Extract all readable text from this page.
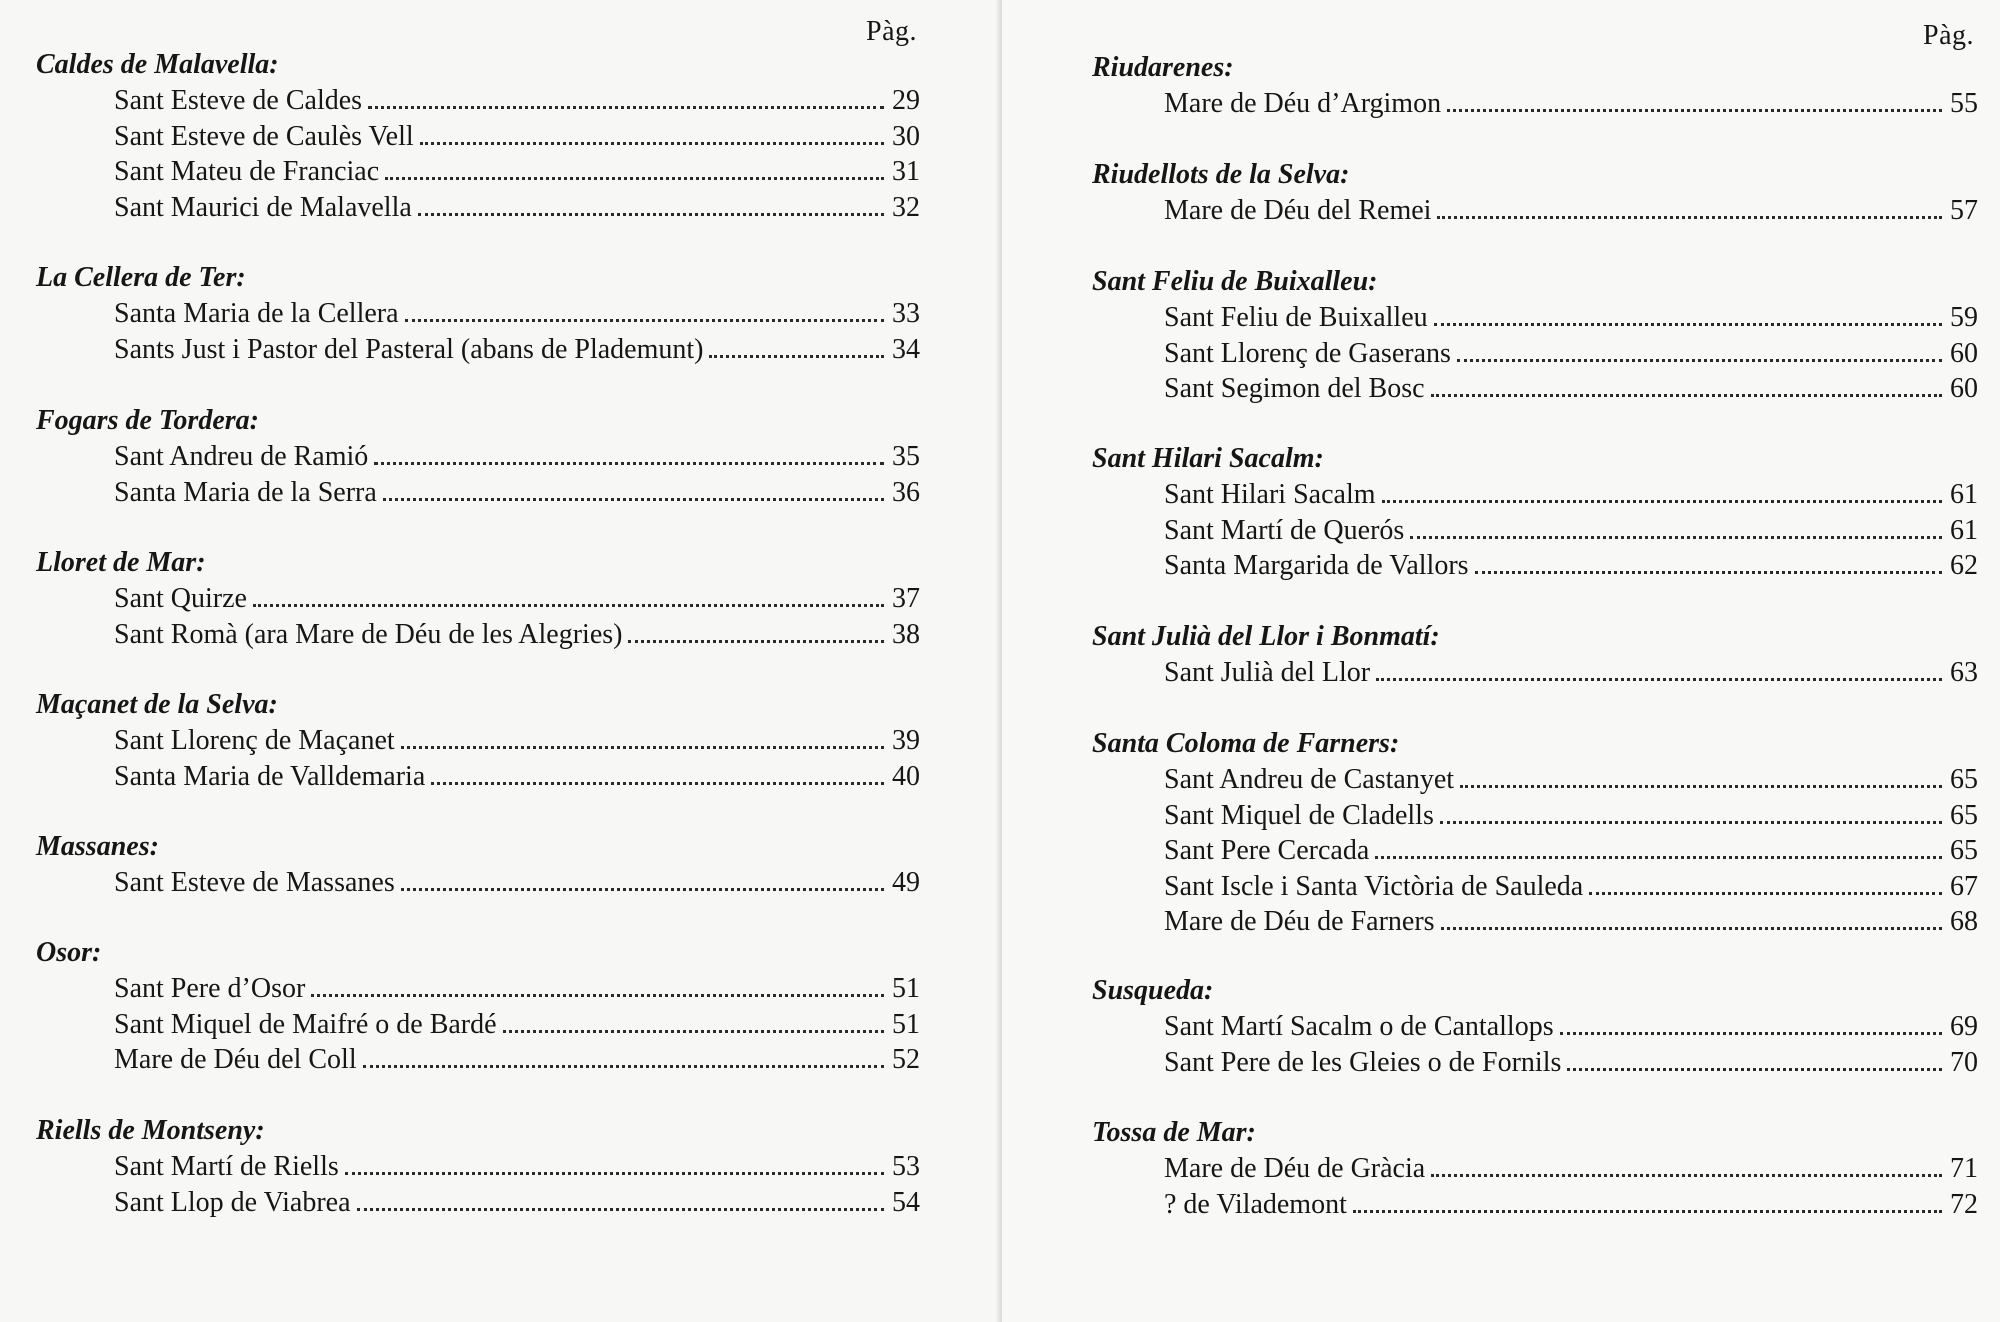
Pàg.
Caldes de Malavella:
Sant Esteve de Caldes	29
Sant Esteve de Caulès Vell	30
Sant Mateu de Franciac	31
Sant Maurici de Malavella	32
La Cellera de Ter:
Santa Maria de la Cellera	33
Sants Just i Pastor del Pasteral (abans de Plademunt)	34
Fogars de Tordera:
Sant Andreu de Ramió	35
Santa Maria de la Serra	36
Lloret de Mar:
Sant Quirze	37
Sant Romà (ara Mare de Déu de les Alegries)	38
Maçanet de la Selva:
Sant Llorenç de Maçanet	39
Santa Maria de Valldemaria	40
Massanes:
Sant Esteve de Massanes	49
Osor:
Sant Pere d’Osor	51
Sant Miquel de Maifré o de Bardé	51
Mare de Déu del Coll	52
Riells de Montseny:
Sant Martí de Riells	53
Sant Llop de Viabrea	54
Pàg.
Riudarenes:
Mare de Déu d’Argimon	55
Riudellots de la Selva:
Mare de Déu del Remei	57
Sant Feliu de Buixalleu:
Sant Feliu de Buixalleu	59
Sant Llorenç de Gaserans	60
Sant Segimon del Bosc	60
Sant Hilari Sacalm:
Sant Hilari Sacalm	61
Sant Martí de Querós	61
Santa Margarida de Vallors	62
Sant Julià del Llor i Bonmatí:
Sant Julià del Llor	63
Santa Coloma de Farners:
Sant Andreu de Castanyet	65
Sant Miquel de Cladells	65
Sant Pere Cercada	65
Sant Iscle i Santa Victòria de Sauleda	67
Mare de Déu de Farners	68
Susqueda:
Sant Martí Sacalm o de Cantallops	69
Sant Pere de les Gleies o de Fornils	70
Tossa de Mar:
Mare de Déu de Gràcia	71
? de Vilademont	72
